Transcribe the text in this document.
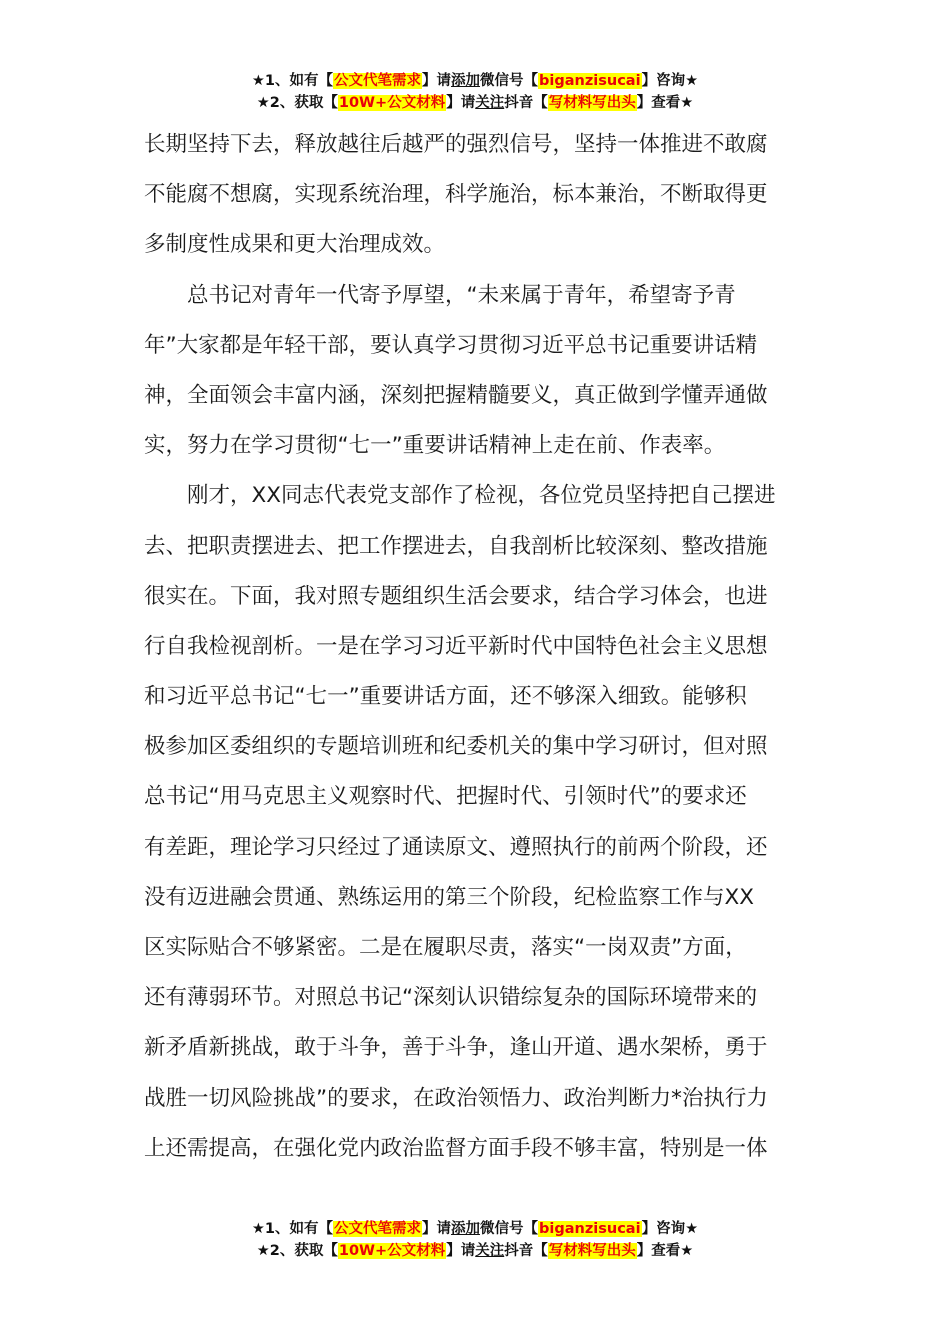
★1、如有【公文代笔需求】请添加微信号【biganzisucai】咨询★
★2、获取【10W+公文材料】请关注抖音【写材料写出头】查看★
长期坚持下去，释放越往后越严的强烈信号，坚持一体推进不敢腐
不能腐不想腐，实现系统治理，科学施治，标本兼治，不断取得更
多制度性成果和更大治理成效。
　　总书记对青年一代寄予厚望，“未来属于青年，希望寄予青
年”大家都是年轻干部，要认真学习贯彻习近平总书记重要讲话精
神，全面领会丰富内涵，深刻把握精髓要义，真正做到学懂弄通做
实，努力在学习贯彻“七一”重要讲话精神上走在前、作表率。
　　刚才，XX同志代表党支部作了检视，各位党员坚持把自己摆进
去、把职责摆进去、把工作摆进去，自我剖析比较深刻、整改措施
很实在。下面，我对照专题组织生活会要求，结合学习体会，也进
行自我检视剖析。一是在学习习近平新时代中国特色社会主义思想
和习近平总书记“七一”重要讲话方面，还不够深入细致。能够积
极参加区委组织的专题培训班和纪委机关的集中学习研讨，但对照
总书记“用马克思主义观察时代、把握时代、引领时代”的要求还
有差距，理论学习只经过了通读原文、遵照执行的前两个阶段，还
没有迈进融会贯通、熟练运用的第三个阶段，纪检监察工作与XX
区实际贴合不够紧密。二是在履职尽责，落实“一岗双责”方面，
还有薄弱环节。对照总书记“深刻认识错综复杂的国际环境带来的
新矛盾新挑战，敢于斗争，善于斗争，逢山开道、遇水架桥，勇于
战胜一切风险挑战”的要求，在政治领悟力、政治判断力*治执行力
上还需提高，在强化党内政治监督方面手段不够丰富，特别是一体
★1、如有【公文代笔需求】请添加微信号【biganzisucai】咨询★
★2、获取【10W+公文材料】请关注抖音【写材料写出头】查看★
